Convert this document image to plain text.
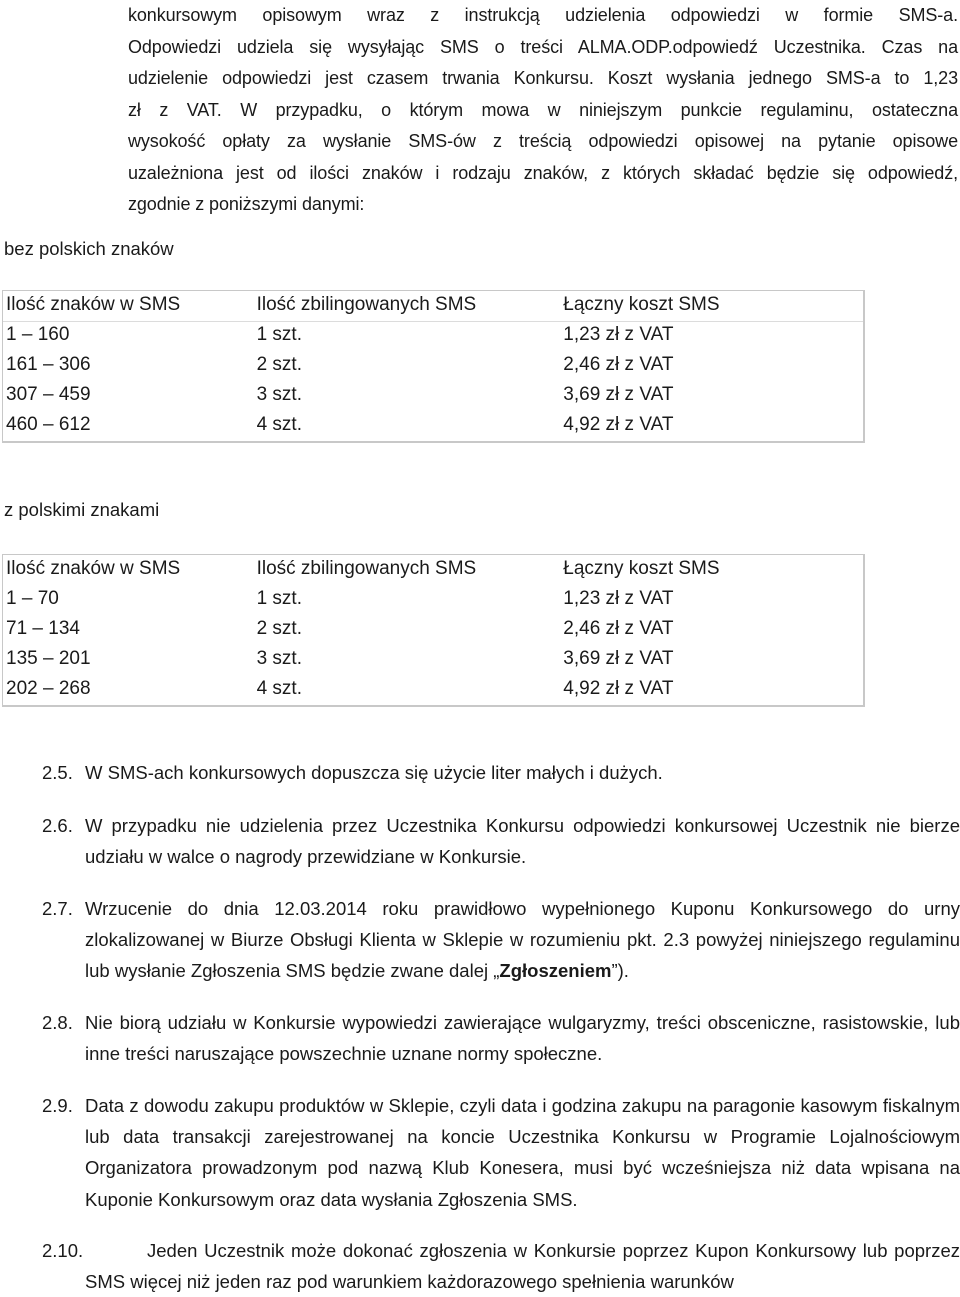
konkursowym opisowym wraz z instrukcją udzielenia odpowiedzi w formie SMS-a.
Odpowiedzi udziela się wysyłając SMS o treści ALMA.ODP.odpowiedź Uczestnika. Czas na
udzielenie odpowiedzi jest czasem trwania Konkursu. Koszt wysłania jednego SMS-a to 1,23
zł z VAT. W przypadku, o którym mowa w niniejszym punkcie regulaminu, ostateczna
wysokość opłaty za wysłanie SMS-ów z treścią odpowiedzi opisowej na pytanie opisowe
uzależniona jest od ilości znaków i rodzaju znaków, z których składać będzie się odpowiedź,
zgodnie z poniższymi danymi:
bez polskich znaków
Ilość znaków w SMS	Ilość zbilingowanych SMS	Łączny koszt SMS
1 – 160	1 szt.	1,23 zł z VAT
161 – 306	2 szt.	2,46 zł z VAT
307 – 459	3 szt.	3,69 zł z VAT
460 – 612	4 szt.	4,92 zł z VAT
z polskimi znakami
Ilość znaków w SMS	Ilość zbilingowanych SMS	Łączny koszt SMS
1 – 70	1 szt.	1,23 zł z VAT
71 – 134	2 szt.	2,46 zł z VAT
135 – 201	3 szt.	3,69 zł z VAT
202 – 268	4 szt.	4,92 zł z VAT
2.5. W SMS-ach konkursowych dopuszcza się użycie liter małych i dużych.
2.6. W przypadku nie udzielenia przez Uczestnika Konkursu odpowiedzi konkursowej Uczestnik nie bierze udziału w walce o nagrody przewidziane w Konkursie.
2.7. Wrzucenie do dnia 12.03.2014 roku prawidłowo wypełnionego Kuponu Konkursowego do urny zlokalizowanej w Biurze Obsługi Klienta w Sklepie w rozumieniu pkt. 2.3 powyżej niniejszego regulaminu lub wysłanie Zgłoszenia SMS będzie zwane dalej „Zgłoszeniem”).
2.8. Nie biorą udziału w Konkursie wypowiedzi zawierające wulgaryzmy, treści obsceniczne, rasistowskie, lub inne treści naruszające powszechnie uznane normy społeczne.
2.9. Data z dowodu zakupu produktów w Sklepie, czyli data i godzina zakupu na paragonie kasowym fiskalnym lub data transakcji zarejestrowanej na koncie Uczestnika Konkursu w Programie Lojalnościowym Organizatora prowadzonym pod nazwą Klub Konesera, musi być wcześniejsza niż data wpisana na Kuponie Konkursowym oraz data wysłania Zgłoszenia SMS.
2.10.	Jeden Uczestnik może dokonać zgłoszenia w Konkursie poprzez Kupon Konkursowy lub poprzez SMS więcej niż jeden raz pod warunkiem każdorazowego spełnienia warunków
